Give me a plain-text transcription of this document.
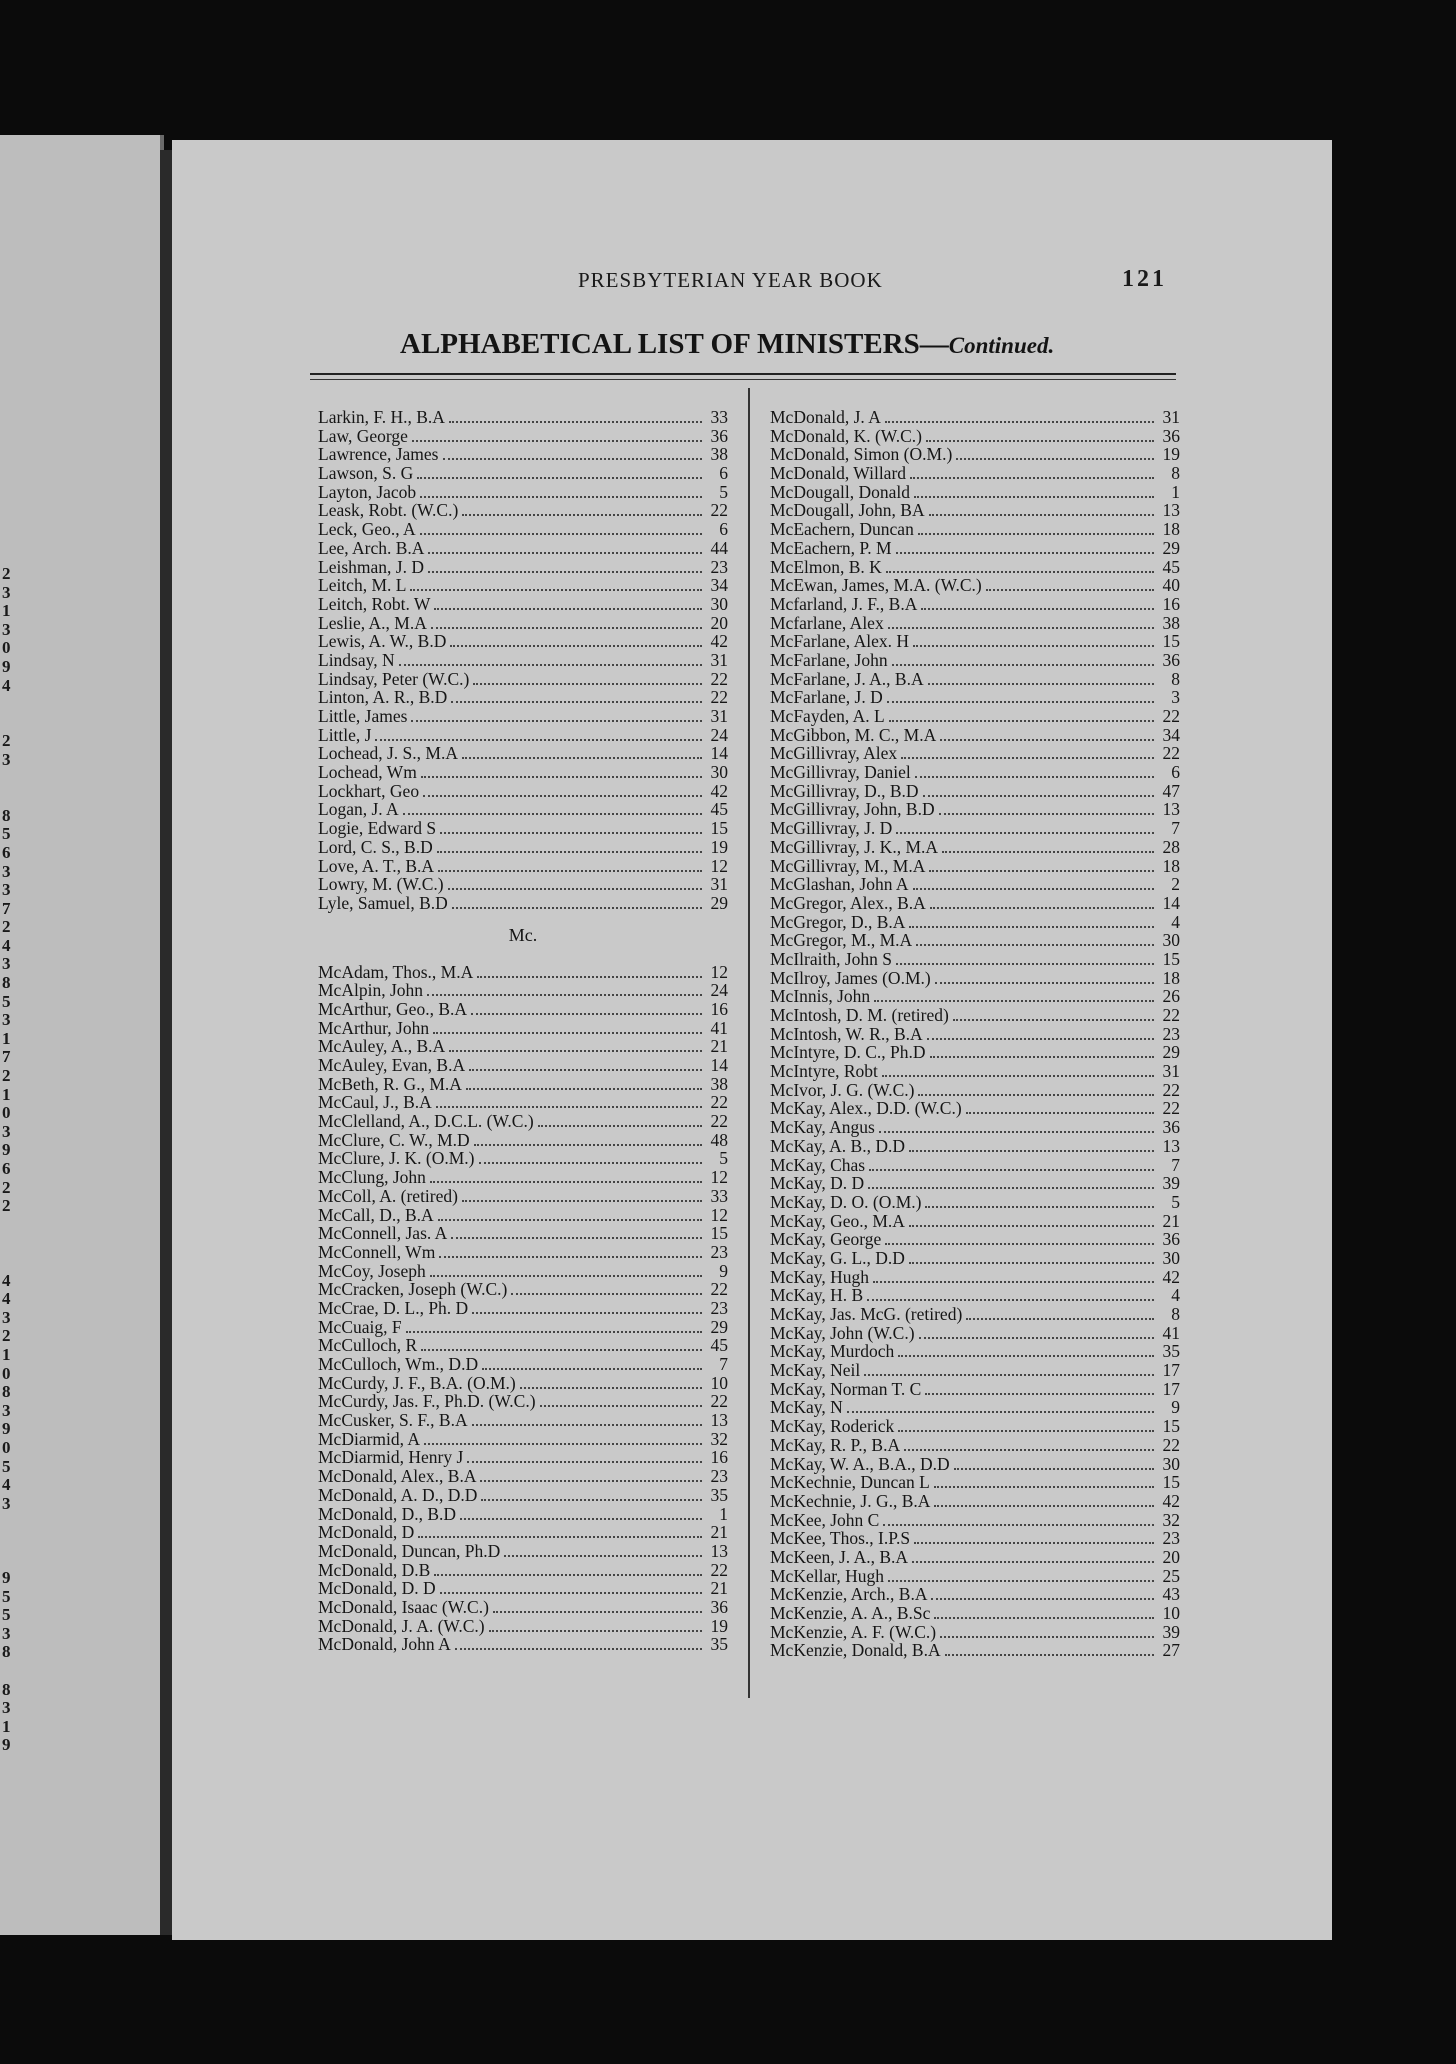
2
3
1
3
0
9
4
2
3
8
5
6
3
3
7
2
4
3
8
5
3
1
7
2
1
0
3
9
6
2
2
4
4
3
2
1
0
8
3
9
0
5
4
3
9
5
5
3
8
8
3
1
9
PRESBYTERIAN YEAR BOOK	121
ALPHABETICAL LIST OF MINISTERS—Continued.
Larkin, F. H., B.A	33
Law, George	36
Lawrence, James	38
Lawson, S. G	6
Layton, Jacob	5
Leask, Robt. (W.C.)	22
Leck, Geo., A	6
Lee, Arch. B.A	44
Leishman, J. D	23
Leitch, M. L	34
Leitch, Robt. W	30
Leslie, A., M.A	20
Lewis, A. W., B.D	42
Lindsay, N	31
Lindsay, Peter (W.C.)	22
Linton, A. R., B.D	22
Little, James	31
Little, J	24
Lochead, J. S., M.A	14
Lochead, Wm	30
Lockhart, Geo	42
Logan, J. A	45
Logie, Edward S	15
Lord, C. S., B.D	19
Love, A. T., B.A	12
Lowry, M. (W.C.)	31
Lyle, Samuel, B.D	29
Mc.
McAdam, Thos., M.A	12
McAlpin, John	24
McArthur, Geo., B.A	16
McArthur, John	41
McAuley, A., B.A	21
McAuley, Evan, B.A	14
McBeth, R. G., M.A	38
McCaul, J., B.A	22
McClelland, A., D.C.L. (W.C.)	22
McClure, C. W., M.D	48
McClure, J. K. (O.M.)	5
McClung, John	12
McColl, A. (retired)	33
McCall, D., B.A	12
McConnell, Jas. A	15
McConnell, Wm	23
McCoy, Joseph	9
McCracken, Joseph (W.C.)	22
McCrae, D. L., Ph. D	23
McCuaig, F	29
McCulloch, R	45
McCulloch, Wm., D.D	7
McCurdy, J. F., B.A. (O.M.)	10
McCurdy, Jas. F., Ph.D. (W.C.)	22
McCusker, S. F., B.A	13
McDiarmid, A	32
McDiarmid, Henry J	16
McDonald, Alex., B.A	23
McDonald, A. D., D.D	35
McDonald, D., B.D	1
McDonald, D	21
McDonald, Duncan, Ph.D	13
McDonald, D.B	22
McDonald, D. D	21
McDonald, Isaac (W.C.)	36
McDonald, J. A. (W.C.)	19
McDonald, John A	35
McDonald, J. A	31
McDonald, K. (W.C.)	36
McDonald, Simon (O.M.)	19
McDonald, Willard	8
McDougall, Donald	1
McDougall, John, BA	13
McEachern, Duncan	18
McEachern, P. M	29
McElmon, B. K	45
McEwan, James, M.A. (W.C.)	40
Mcfarland, J. F., B.A	16
Mcfarlane, Alex	38
McFarlane, Alex. H	15
McFarlane, John	36
McFarlane, J. A., B.A	8
McFarlane, J. D	3
McFayden, A. L	22
McGibbon, M. C., M.A	34
McGillivray, Alex	22
McGillivray, Daniel	6
McGillivray, D., B.D	47
McGillivray, John, B.D	13
McGillivray, J. D	7
McGillivray, J. K., M.A	28
McGillivray, M., M.A	18
McGlashan, John A	2
McGregor, Alex., B.A	14
McGregor, D., B.A	4
McGregor, M., M.A	30
McIlraith, John S	15
McIlroy, James (O.M.)	18
McInnis, John	26
McIntosh, D. M. (retired)	22
McIntosh, W. R., B.A	23
McIntyre, D. C., Ph.D	29
McIntyre, Robt	31
McIvor, J. G. (W.C.)	22
McKay, Alex., D.D. (W.C.)	22
McKay, Angus	36
McKay, A. B., D.D	13
McKay, Chas	7
McKay, D. D	39
McKay, D. O. (O.M.)	5
McKay, Geo., M.A	21
McKay, George	36
McKay, G. L., D.D	30
McKay, Hugh	42
McKay, H. B	4
McKay, Jas. McG. (retired)	8
McKay, John (W.C.)	41
McKay, Murdoch	35
McKay, Neil	17
McKay, Norman T. C	17
McKay, N	9
McKay, Roderick	15
McKay, R. P., B.A	22
McKay, W. A., B.A., D.D	30
McKechnie, Duncan L	15
McKechnie, J. G., B.A	42
McKee, John C	32
McKee, Thos., I.P.S	23
McKeen, J. A., B.A	20
McKellar, Hugh	25
McKenzie, Arch., B.A	43
McKenzie, A. A., B.Sc	10
McKenzie, A. F. (W.C.)	39
McKenzie, Donald, B.A	27
